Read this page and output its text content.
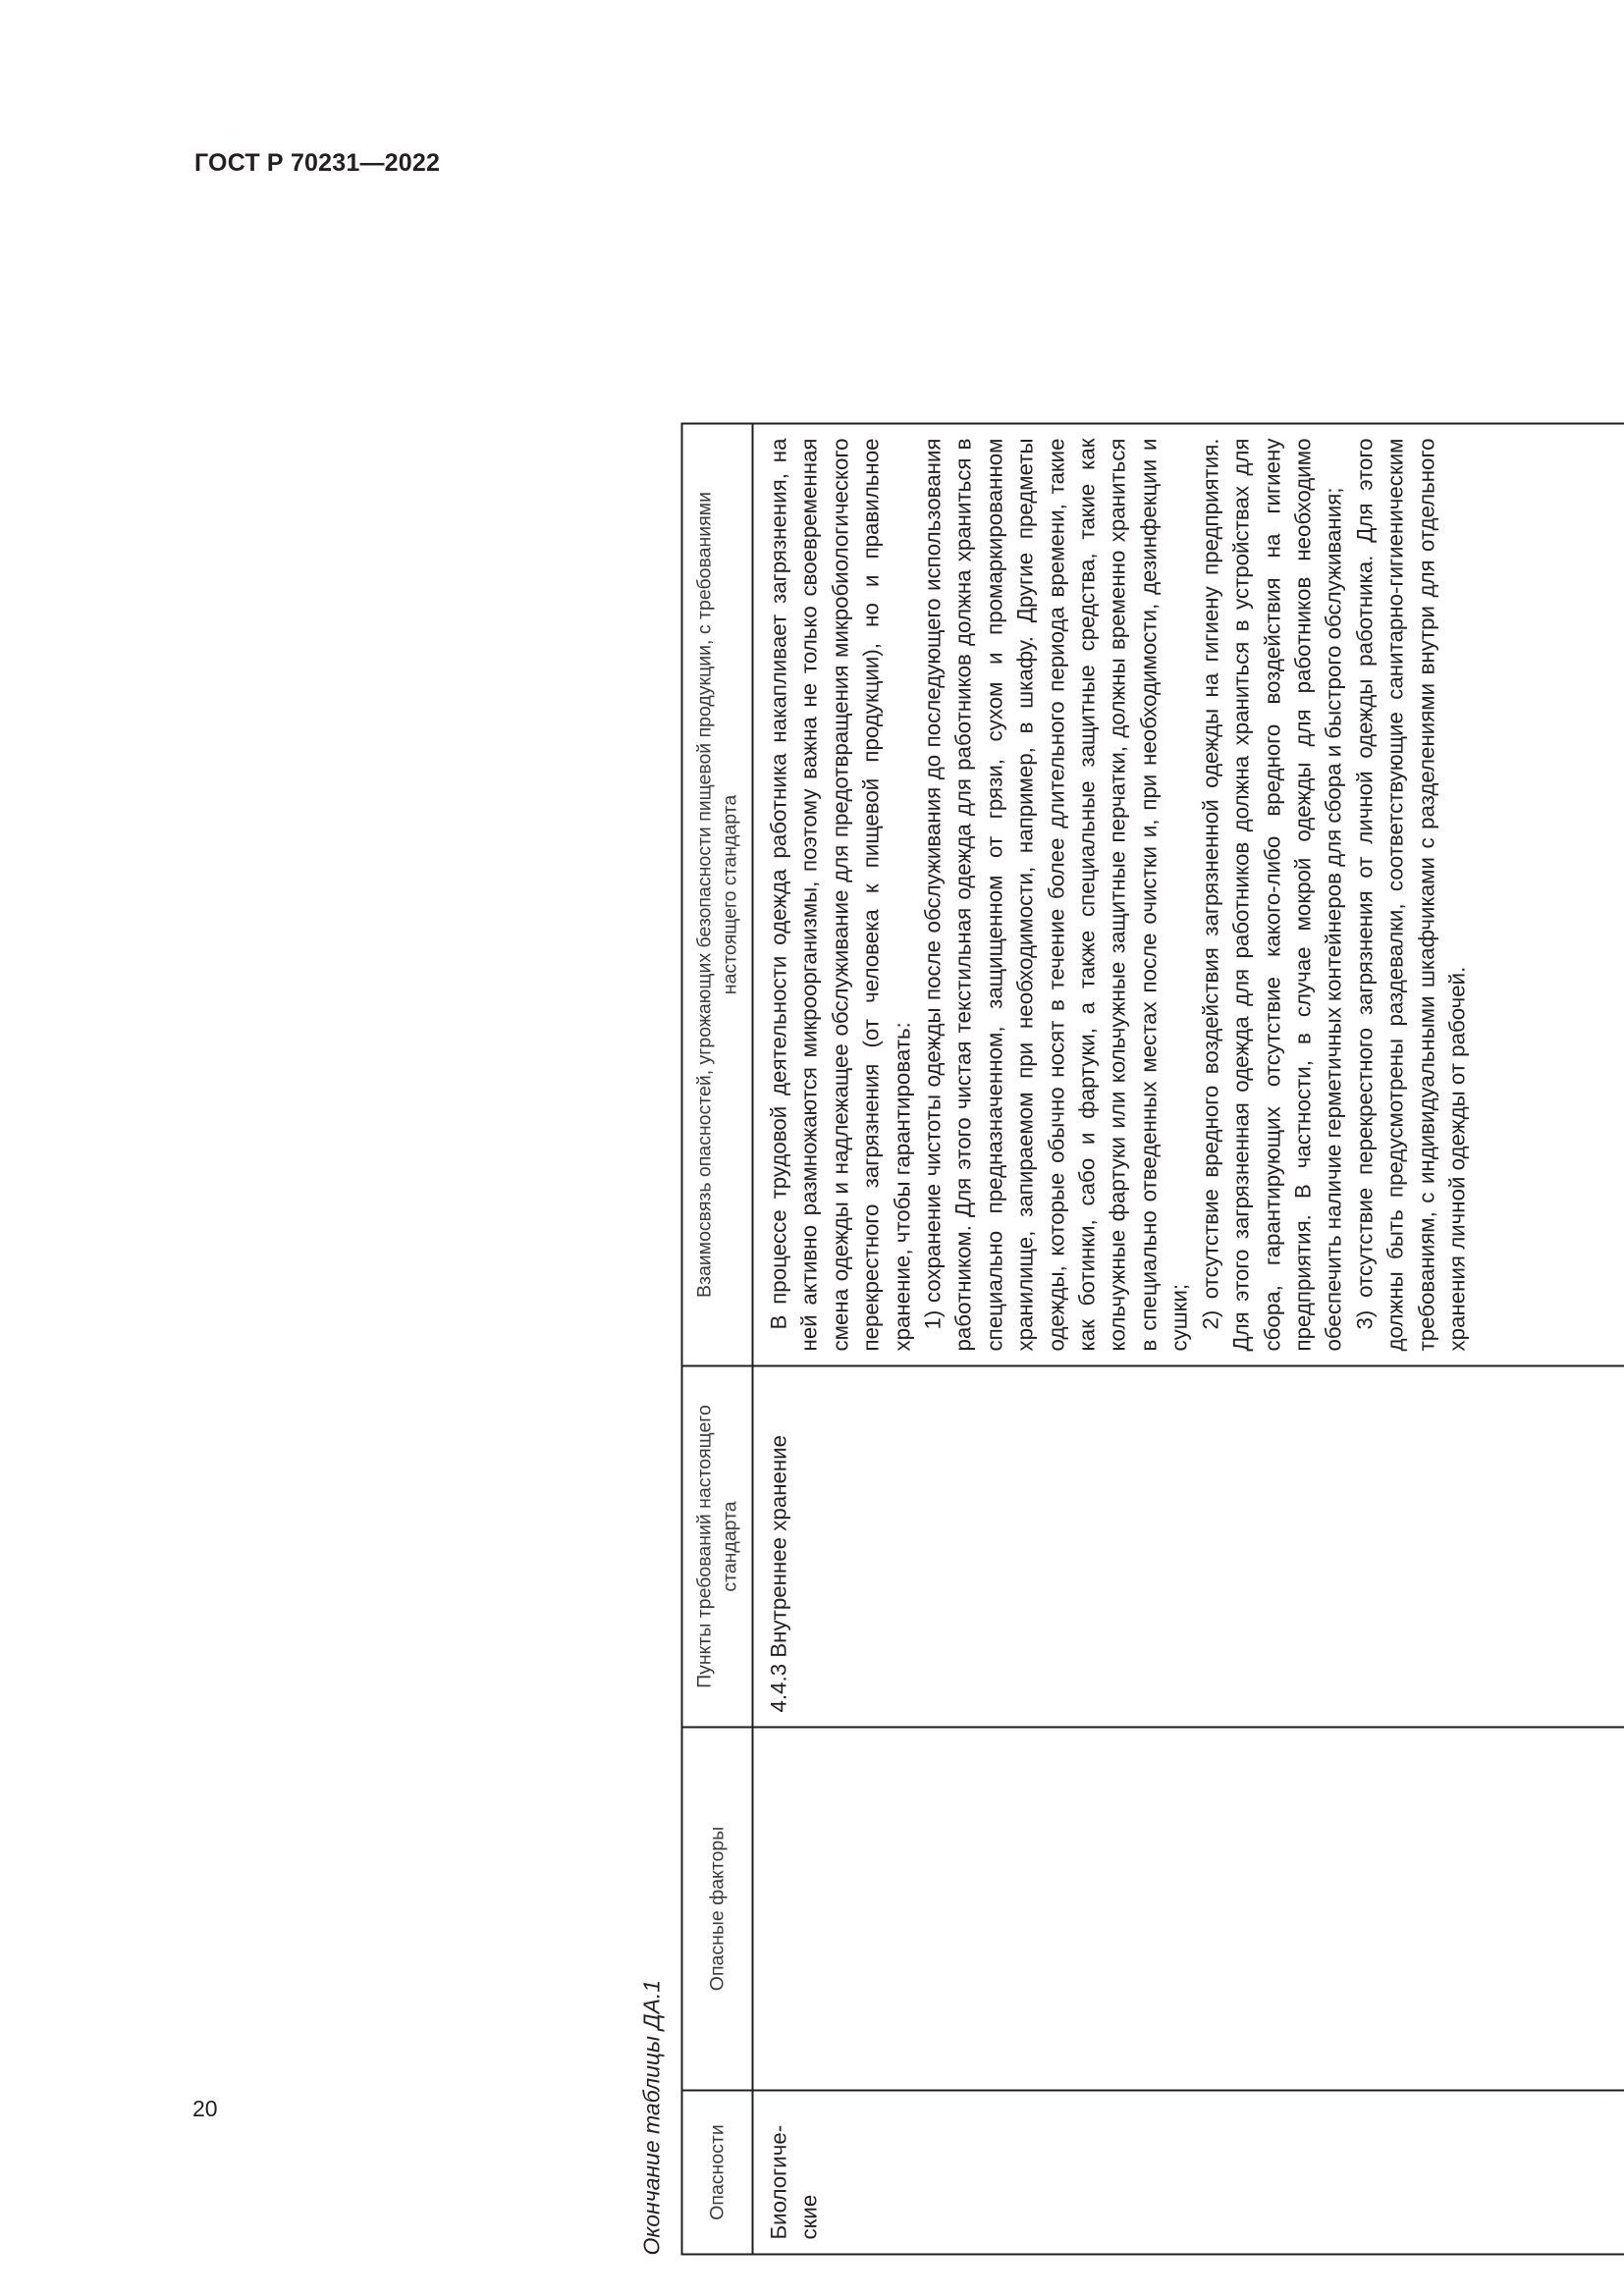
ГОСТ Р 70231—2022
Окончание таблицы ДА.1 Опасности	Опасные факторы	Пункты требований настоящего стандарта	Взаимосвязь опасностей, угрожающих безопасности пищевой продукции, с требованиями настоящего стандарта
Биологиче-ские		4.4.3 Внутреннее хранение	В процессе трудовой деятельности одежда работника накапливает загрязнения, на ней активно размножаются микроорганизмы, поэтому важна не только своевременная смена одежды и надлежащее обслуживание для предотвращения микробиологического перекрестного загрязнения (от человека к пищевой продукции), но и правильное хранение, чтобы гарантировать: 1) сохранение чистоты одежды после обслуживания до последующего использования работником. Для этого чистая текстильная одежда для работников должна храниться в специально предназначенном, защищенном от грязи, сухом и промаркированном хранилище, запираемом при необходимости, например, в шкафу. Другие предметы одежды, которые обычно носят в течение более длительного периода времени, такие как ботинки, сабо и фартуки, а также специальные защитные средства, такие как кольчужные фартуки или кольчужные защитные перчатки, должны временно храниться в специально отведенных местах после очистки и, при необходимости, дезинфекции и сушки; 2) отсутствие вредного воздействия загрязненной одежды на гигиену предприятия. Для этого загрязненная одежда для работников должна храниться в устройствах для сбора, гарантирующих отсутствие какого-либо вредного воздействия на гигиену предприятия. В частности, в случае мокрой одежды для работников необходимо обеспечить наличие герметичных контейнеров для сбора и быстрого обслуживания; 3) отсутствие перекрестного загрязнения от личной одежды работника. Для этого должны быть предусмотрены раздевалки, соответствующие санитарно-гигиеническим требованиям, с индивидуальными шкафчиками с разделениями внутри для отдельного хранения личной одежды от рабочей.

20
